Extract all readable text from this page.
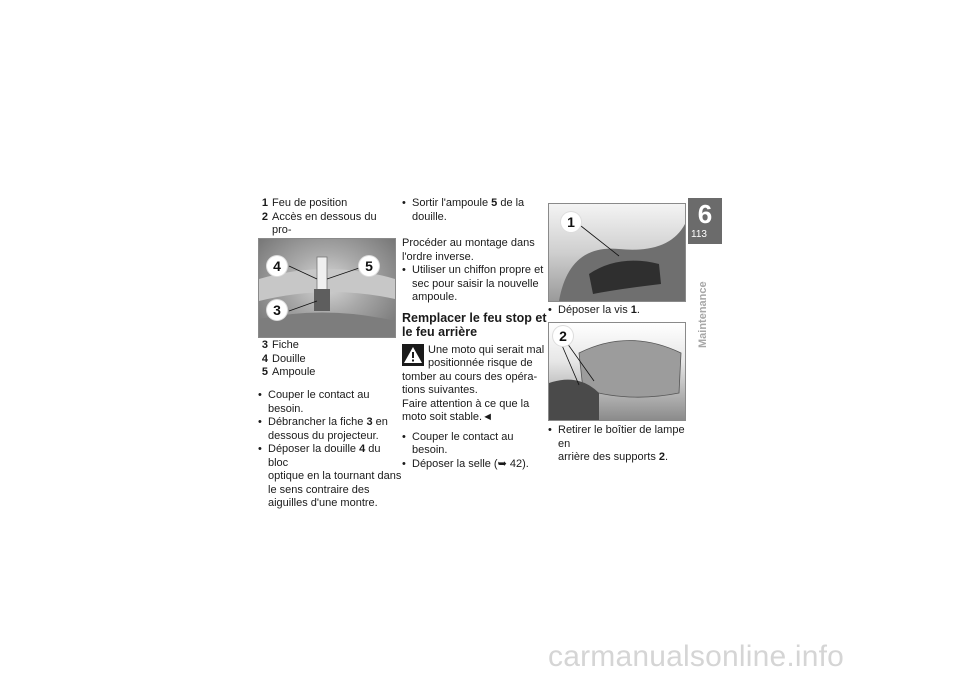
1 Feu de position
2 Accès en dessous du pro-
4	5
3
3 Fiche
4 Douille
5 Ampoule
• Couper le contact au besoin.
• Débrancher la fiche 3 en
dessous du projecteur.
• Déposer la douille 4 du bloc
optique en la tournant dans
le sens contraire des
aiguilles d'une montre.
• Sortir l'ampoule 5 de la
douille.
Procéder au montage dans
l'ordre inverse.
• Utiliser un chiffon propre et
sec pour saisir la nouvelle
ampoule.
Remplacer le feu stop et
le feu arrière
Une moto qui serait mal
positionnée risque de
tomber au cours des opéra-
tions suivantes.
Faire attention à ce que la
moto soit stable.◄
• Couper le contact au besoin.
• Déposer la selle (➥ 42).
1
• Déposer la vis 1.
2
• Retirer le boîtier de lampe en
arrière des supports 2.
6
113
Maintenance
carmanualsonline.info
